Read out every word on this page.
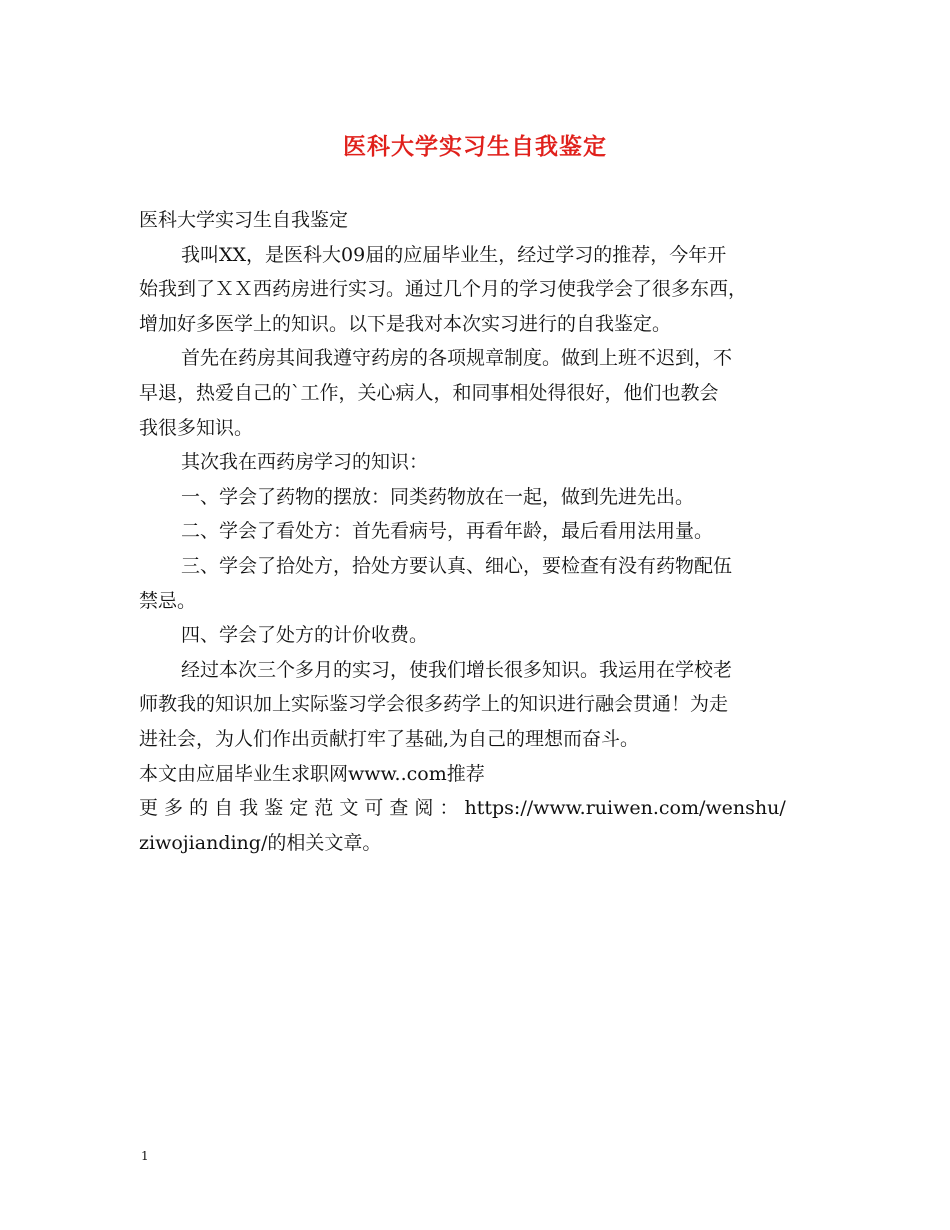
医科大学实习生自我鉴定
医科大学实习生自我鉴定
我叫XX，是医科大09届的应届毕业生，经过学习的推荐，今年开
始我到了ＸＸ西药房进行实习。通过几个月的学习使我学会了很多东西，
增加好多医学上的知识。以下是我对本次实习进行的自我鉴定。
首先在药房其间我遵守药房的各项规章制度。做到上班不迟到，不
早退，热爱自己的`工作，关心病人，和同事相处得很好，他们也教会
我很多知识。
其次我在西药房学习的知识：
一、学会了药物的摆放：同类药物放在一起，做到先进先出。
二、学会了看处方：首先看病号，再看年龄，最后看用法用量。
三、学会了拾处方，拾处方要认真、细心，要检查有没有药物配伍
禁忌。
四、学会了处方的计价收费。
经过本次三个多月的实习，使我们增长很多知识。我运用在学校老
师教我的知识加上实际鉴习学会很多药学上的知识进行融会贯通！为走
进社会，为人们作出贡献打牢了基础,为自己的理想而奋斗。
本文由应届毕业生求职网www..com推荐
更 多 的 自 我 鉴 定 范 文 可 查 阅 ： https://www.ruiwen.com/wenshu/
ziwojianding/的相关文章。
1
